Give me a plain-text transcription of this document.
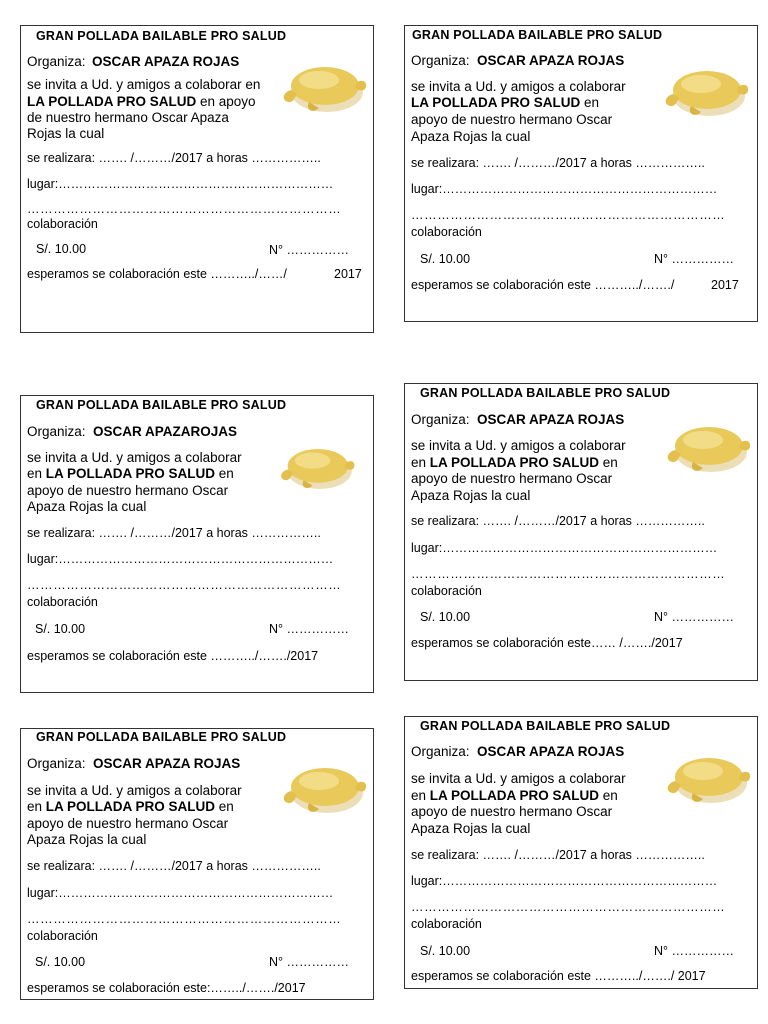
GRAN POLLADA BAILABLE PRO SALUD
Organiza: OSCAR APAZA ROJAS
se invita a Ud. y amigos a colaborar en
LA POLLADA PRO SALUD en apoyo
de nuestro hermano Oscar Apaza
Rojas la cual
se realizara: ……. /………/2017 a horas ……………..
lugar:…………………………………………………………
………………………………………………………………
colaboración
S/. 10.00	N° ……………
esperamos se colaboración este ………../……/	2017
GRAN POLLADA BAILABLE PRO SALUD
Organiza: OSCAR APAZA ROJAS
se invita a Ud. y amigos a colaborar
LA POLLADA PRO SALUD en
apoyo de nuestro hermano Oscar
Apaza Rojas la cual
se realizara: ……. /………/2017 a horas ……………..
lugar:…………………………………………………………
………………………………………………………………
colaboración
S/. 10.00	N° ……………
esperamos se colaboración este ………../……./	2017
GRAN POLLADA BAILABLE PRO SALUD
Organiza: OSCAR APAZAROJAS
se invita a Ud. y amigos a colaborar
en LA POLLADA PRO SALUD en
apoyo de nuestro hermano Oscar
Apaza Rojas la cual
se realizara: ……. /………/2017 a horas ……………..
lugar:…………………………………………………………
………………………………………………………………
colaboración
S/. 10.00	N° ……………
esperamos se colaboración este ………../……./2017
GRAN POLLADA BAILABLE PRO SALUD
Organiza: OSCAR APAZA ROJAS
se invita a Ud. y amigos a colaborar
en LA POLLADA PRO SALUD en
apoyo de nuestro hermano Oscar
Apaza Rojas la cual
se realizara: ……. /………/2017 a horas ……………..
lugar:…………………………………………………………
………………………………………………………………
colaboración
S/. 10.00	N° ……………
esperamos se colaboración este…… /……./2017
GRAN POLLADA BAILABLE PRO SALUD
Organiza: OSCAR APAZA ROJAS
se invita a Ud. y amigos a colaborar
en LA POLLADA PRO SALUD en
apoyo de nuestro hermano Oscar
Apaza Rojas la cual
se realizara: ……. /………/2017 a horas ……………..
lugar:…………………………………………………………
………………………………………………………………
colaboración
S/. 10.00	N° ……………
esperamos se colaboración este:……../……./2017
GRAN POLLADA BAILABLE PRO SALUD
Organiza: OSCAR APAZA ROJAS
se invita a Ud. y amigos a colaborar
en LA POLLADA PRO SALUD en
apoyo de nuestro hermano Oscar
Apaza Rojas la cual
se realizara: ……. /………/2017 a horas ……………..
lugar:…………………………………………………………
………………………………………………………………
colaboración
S/. 10.00	N° ……………
esperamos se colaboración este ………../……./ 2017
